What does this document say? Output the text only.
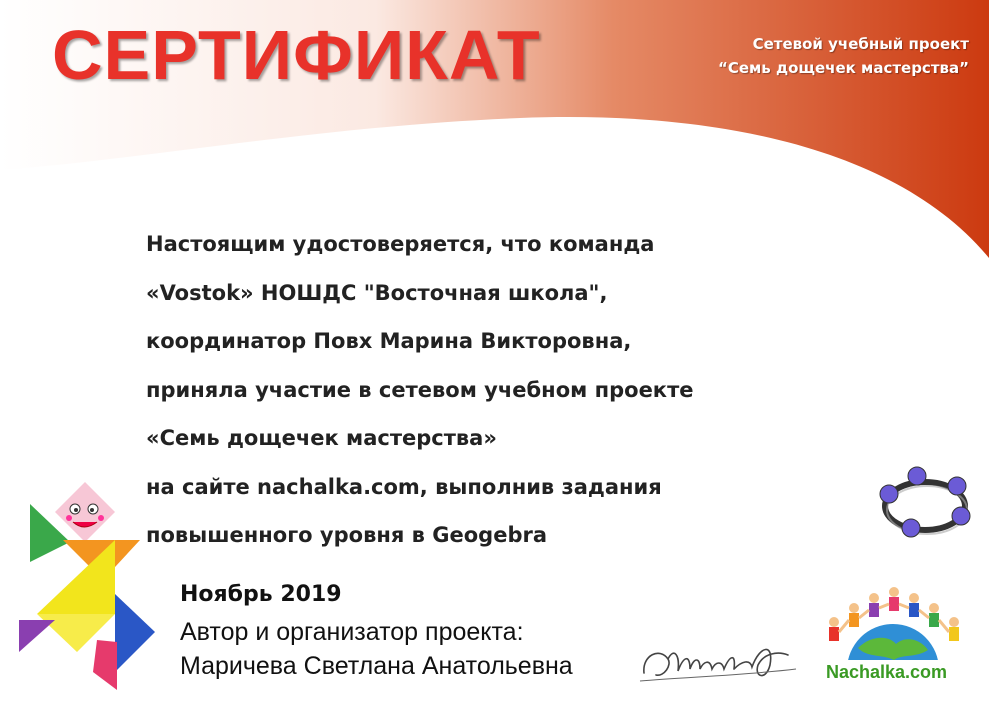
СЕРТИФИКАТ	Сетевой учебный проект
“Семь дощечек мастерства”
Настоящим удостоверяется, что команда
«Vostok» НОШДС "Восточная школа",
координатор Повх Марина Викторовна,
приняла участие в сетевом учебном проекте
«Семь дощечек мастерства»
на сайте nachalka.com, выполнив задания
повышенного уровня в Geogebra
Ноябрь 2019
Автор и организатор проекта:
Маричева Светлана Анатольевна	Nachalka.com
